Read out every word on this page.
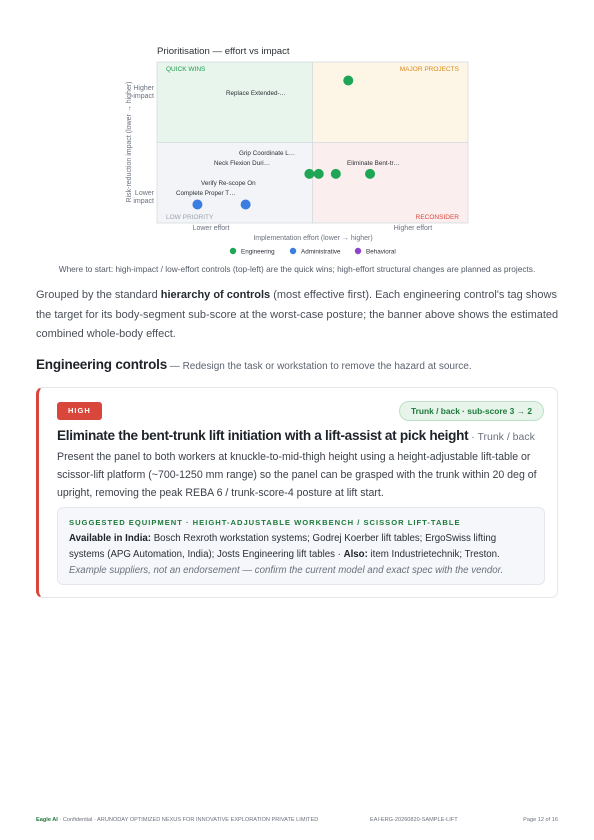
Prioritisation — effort vs impact
QUICK WINS	MAJOR PROJECTS
LOW PRIORITY	RECONSIDER
Higher
impact
Lower
impact
Risk-reduction impact (lower → higher)
Lower effort	Higher effort
Implementation effort (lower → higher)
Replace Extended-…
Neck Flexion Duri…
Grip Coordinate L…
Eliminate Bent-tr…
Verify Re-scope On
Complete Proper T…
Engineering	Administrative	Behavioral
Where to start: high-impact / low-effort controls (top-left) are the quick wins; high-effort structural changes are planned as projects.

Grouped by the standard hierarchy of controls (most effective first). Each engineering control's tag shows the target for its body-segment sub-score at the worst-case posture; the banner above shows the estimated combined whole-body effect.

Engineering controls — Redesign the task or workstation to remove the hazard at source.
HIGH	Trunk / back · sub-score 3 → 2
Eliminate the bent-trunk lift initiation with a lift-assist at pick height · Trunk / back

Present the panel to both workers at knuckle-to-mid-thigh height using a height-adjustable lift-table or scissor-lift platform (~700-1250 mm range) so the panel can be grasped with the trunk within 20 deg of upright, removing the peak REBA 6 / trunk-score-4 posture at lift start.

SUGGESTED EQUIPMENT · HEIGHT-ADJUSTABLE WORKBENCH / SCISSOR LIFT-TABLE
Available in India: Bosch Rexroth workstation systems; Godrej Koerber lift tables; ErgoSwiss lifting systems (APG Automation, India); Josts Engineering lift tables · Also: item Industrietechnik; Treston.
Example suppliers, not an endorsement — confirm the current model and exact spec with the vendor.
Eagle AI · Confidential · ARUNODAY OPTIMIZED NEXUS FOR INNOVATIVE EXPLORATION PRIVATE LIMITED	EAI-ERG-20260820-SAMPLE-LIFT	Page 12 of 16
